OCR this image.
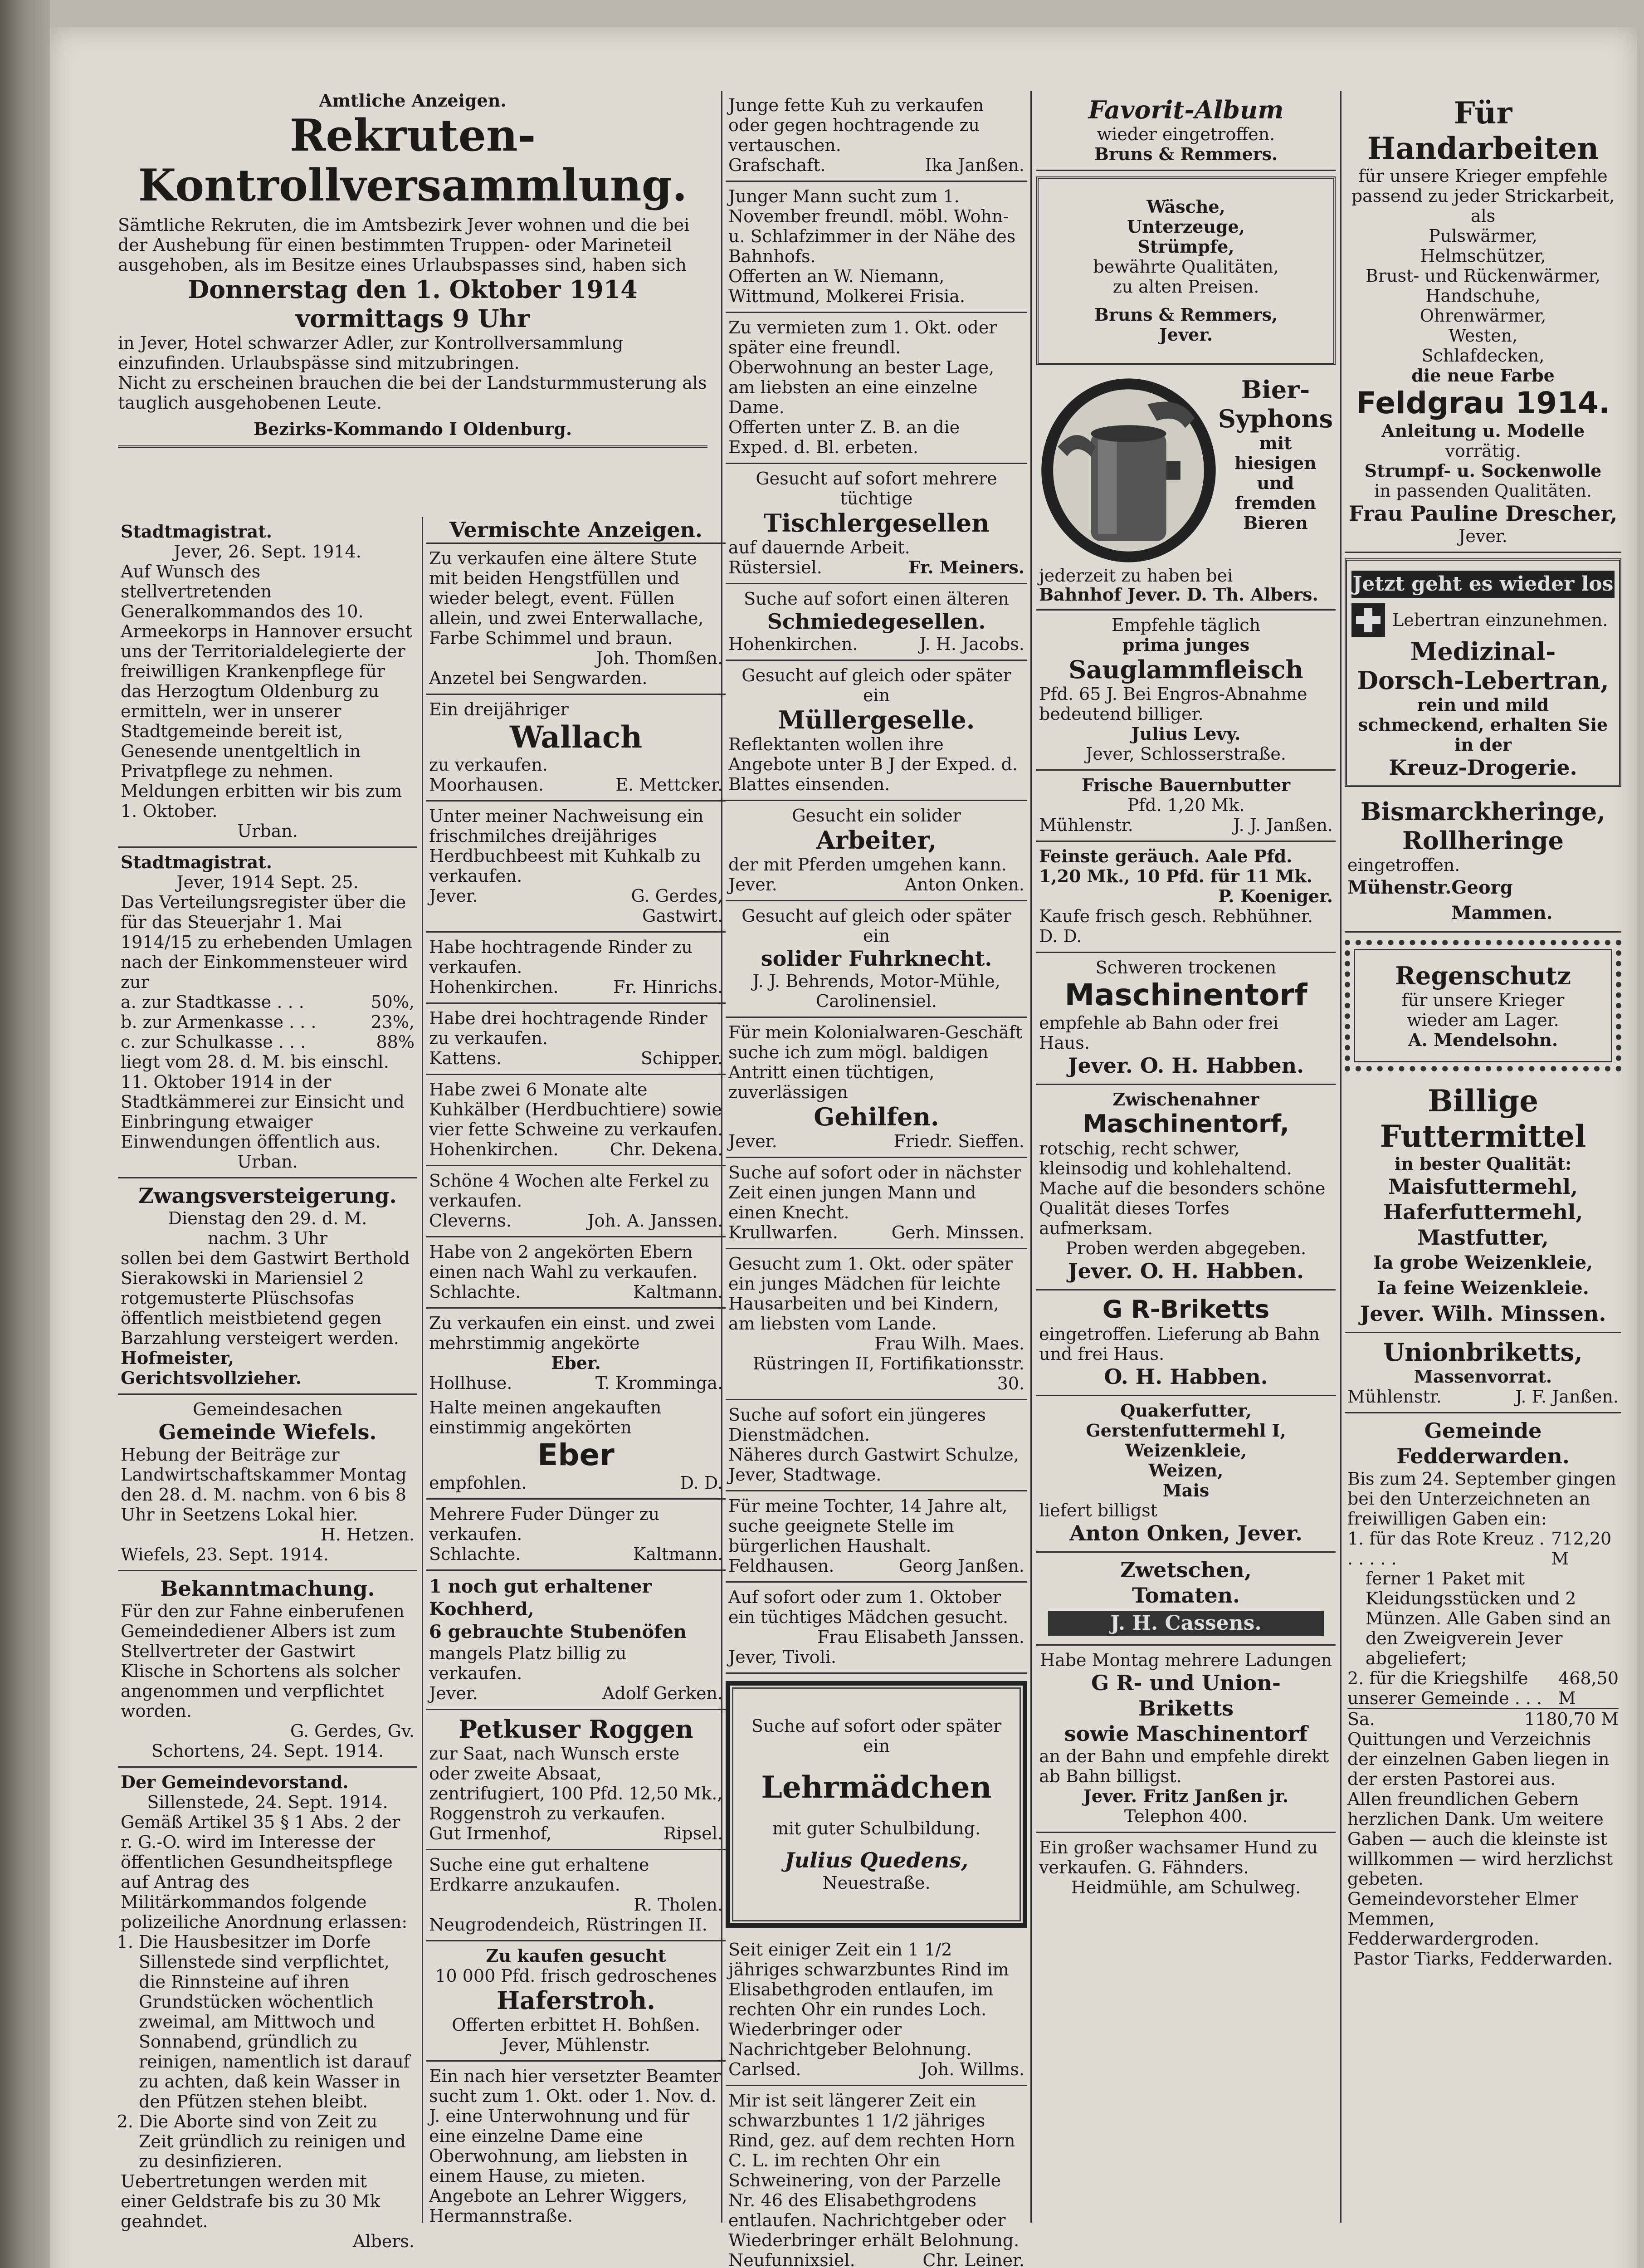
Amtliche Anzeigen.

Rekruten-

Kontrollversammlung.

Sämtliche Rekruten, die im Amtsbezirk Jever wohnen und die bei der Aushebung für einen bestimmten Truppen- oder Marineteil ausgehoben, als im Besitze eines Urlaubspasses sind, haben sich

Donnerstag den 1. Oktober 1914

vormittags 9 Uhr

in Jever, Hotel schwarzer Adler, zur Kontrollversammlung einzufinden. Urlaubspässe sind mitzubringen.

Nicht zu erscheinen brauchen die bei der Landsturmmusterung als tauglich ausgehobenen Leute.

Bezirks-Kommando I Oldenburg.

Stadtmagistrat.

Jever, 26. Sept. 1914.

Auf Wunsch des stellvertretenden Generalkommandos des 10. Armeekorps in Hannover ersucht uns der Territorialdelegierte der freiwilligen Krankenpflege für das Herzogtum Oldenburg zu ermitteln, wer in unserer Stadtgemeinde bereit ist, Genesende unentgeltlich in Privatpflege zu nehmen. Meldungen erbitten wir bis zum 1. Oktober.

Urban.

Stadtmagistrat.

Jever, 1914 Sept. 25.

Das Verteilungsregister über die für das Steuerjahr 1. Mai 1914/15 zu erhebenden Umlagen nach der Einkommensteuer wird zur

a. zur Stadtkasse . . .	50%,
b. zur Armenkasse . . .	23%,
c. zur Schulkasse . . .	88%

liegt vom 28. d. M. bis einschl. 11. Oktober 1914 in der Stadtkämmerei zur Einsicht und Einbringung etwaiger Einwendungen öffentlich aus.

Urban.

Zwangsversteigerung.

Dienstag den 29. d. M.

nachm. 3 Uhr

sollen bei dem Gastwirt Berthold Sierakowski in Mariensiel 2 rotgemusterte Plüschsofas öffentlich meistbietend gegen Barzahlung versteigert werden.

Hofmeister, Gerichtsvollzieher.

Gemeindesachen

Gemeinde Wiefels.

Hebung der Beiträge zur Landwirtschaftskammer Montag den 28. d. M. nachm. von 6 bis 8 Uhr in Seetzens Lokal hier.

H. Hetzen.

Wiefels, 23. Sept. 1914.

Bekanntmachung.

Für den zur Fahne einberufenen Gemeindediener Albers ist zum Stellvertreter der Gastwirt Klische in Schortens als solcher angenommen und verpflichtet worden.

G. Gerdes, Gv.

Schortens, 24. Sept. 1914.

Der Gemeindevorstand.

Sillenstede, 24. Sept. 1914.

Gemäß Artikel 35 § 1 Abs. 2 der r. G.-O. wird im Interesse der öffentlichen Gesundheitspflege auf Antrag des Militärkommandos folgende polizeiliche Anordnung erlassen:

1. Die Hausbesitzer im Dorfe Sillenstede sind verpflichtet, die Rinnsteine auf ihren Grundstücken wöchentlich zweimal, am Mittwoch und Sonnabend, gründlich zu reinigen, namentlich ist darauf zu achten, daß kein Wasser in den Pfützen stehen bleibt.
2. Die Aborte sind von Zeit zu Zeit gründlich zu reinigen und zu desinfizieren.

Uebertretungen werden mit einer Geldstrafe bis zu 30 Mk geahndet.

Albers.

Vermischte Anzeigen.

Zu verkaufen eine ältere Stute mit beiden Hengstfüllen und wieder belegt, event. Füllen allein, und zwei Enterwallache, Farbe Schimmel und braun.

Joh. Thomßen.

Anzetel bei Sengwarden.

Ein dreijähriger

Wallach

zu verkaufen.

Moorhausen.	E. Mettcker.

Unter meiner Nachweisung ein frischmilches dreijähriges Herdbuchbeest mit Kuhkalb zu verkaufen.

Jever.	G. Gerdes,

Gastwirt.

Habe hochtragende Rinder zu verkaufen.

Hohenkirchen.	Fr. Hinrichs.

Habe drei hochtragende Rinder zu verkaufen.

Kattens.	Schipper.

Habe zwei 6 Monate alte Kuhkälber (Herdbuchtiere) sowie vier fette Schweine zu verkaufen.

Hohenkirchen.	Chr. Dekena.

Schöne 4 Wochen alte Ferkel zu verkaufen.

Cleverns.	Joh. A. Janssen.

Habe von 2 angekörten Ebern einen nach Wahl zu verkaufen.

Schlachte.	Kaltmann.

Zu verkaufen ein einst. und zwei mehrstimmig angekörte

Eber.

Hollhuse.	T. Kromminga.

Halte meinen angekauften einstimmig angekörten

Eber

empfohlen.	D. D.

Mehrere Fuder Dünger zu verkaufen.

Schlachte.	Kaltmann.

1 noch gut erhaltener Kochherd,

6 gebrauchte Stubenöfen

mangels Platz billig zu verkaufen.

Jever.	Adolf Gerken.

Petkuser Roggen

zur Saat, nach Wunsch erste oder zweite Absaat, zentrifugiert, 100 Pfd. 12,50 Mk., Roggenstroh zu verkaufen.

Gut Irmenhof,	Ripsel.

Suche eine gut erhaltene Erdkarre anzukaufen.

R. Tholen.

Neugrodendeich, Rüstringen II.

Zu kaufen gesucht

10 000 Pfd. frisch gedroschenes

Haferstroh.

Offerten erbittet H. Bohßen.

Jever, Mühlenstr.

Ein nach hier versetzter Beamter sucht zum 1. Okt. oder 1. Nov. d. J. eine Unterwohnung und für eine einzelne Dame eine Oberwohnung, am liebsten in einem Hause, zu mieten.

Angebote an Lehrer Wiggers, Hermannstraße.

Junge fette Kuh zu verkaufen oder gegen hochtragende zu vertauschen.

Grafschaft.	Ika Janßen.

Junger Mann sucht zum 1. November freundl. möbl. Wohn- u. Schlafzimmer in der Nähe des Bahnhofs.

Offerten an W. Niemann, Wittmund, Molkerei Frisia.

Zu vermieten zum 1. Okt. oder später eine freundl. Oberwohnung an bester Lage, am liebsten an eine einzelne Dame.

Offerten unter Z. B. an die Exped. d. Bl. erbeten.

Gesucht auf sofort mehrere tüchtige

Tischlergesellen

auf dauernde Arbeit.

Rüstersiel.	Fr. Meiners.

Suche auf sofort einen älteren

Schmiedegesellen.

Hohenkirchen.	J. H. Jacobs.

Gesucht auf gleich oder später ein

Müllergeselle.

Reflektanten wollen ihre Angebote unter B J der Exped. d. Blattes einsenden.

Gesucht ein solider

Arbeiter,

der mit Pferden umgehen kann.

Jever.	Anton Onken.

Gesucht auf gleich oder später ein

solider Fuhrknecht.

J. J. Behrends, Motor-Mühle,

Carolinensiel.

Für mein Kolonialwaren-Geschäft suche ich zum mögl. baldigen Antritt einen tüchtigen, zuverlässigen

Gehilfen.

Jever.	Friedr. Sieffen.

Suche auf sofort oder in nächster Zeit einen jungen Mann und einen Knecht.

Krullwarfen.	Gerh. Minssen.

Gesucht zum 1. Okt. oder später ein junges Mädchen für leichte Hausarbeiten und bei Kindern, am liebsten vom Lande.

Frau Wilh. Maes.

Rüstringen II, Fortifikationsstr. 30.

Suche auf sofort ein jüngeres Dienstmädchen.

Näheres durch Gastwirt Schulze, Jever, Stadtwage.

Für meine Tochter, 14 Jahre alt, suche geeignete Stelle im bürgerlichen Haushalt.

Feldhausen.	Georg Janßen.

Auf sofort oder zum 1. Oktober ein tüchtiges Mädchen gesucht.

Frau Elisabeth Janssen.

Jever, Tivoli.

Suche auf sofort oder später ein

Lehrmädchen

mit guter Schulbildung.

Julius Quedens,

Neuestraße.

Seit einiger Zeit ein 1 1/2 jähriges schwarzbuntes Rind im Elisabethgroden entlaufen, im rechten Ohr ein rundes Loch. Wiederbringer oder Nachrichtgeber Belohnung.

Carlsed.	Joh. Willms.

Mir ist seit längerer Zeit ein schwarzbuntes 1 1/2 jähriges Rind, gez. auf dem rechten Horn C. L. im rechten Ohr ein Schweinering, von der Parzelle Nr. 46 des Elisabethgrodens entlaufen. Nachrichtgeber oder Wiederbringer erhält Belohnung.

Neufunnixsiel.	Chr. Leiner.

Favorit-Album

wieder eingetroffen.

Bruns & Remmers.

Wäsche,

Unterzeuge,

Strümpfe,

bewährte Qualitäten,

zu alten Preisen.

Bruns & Remmers,

Jever.

Bier-

Syphons

mit

hiesigen

und

fremden

Bieren

jederzeit zu haben bei

Bahnhof Jever. D. Th. Albers.

Empfehle täglich

prima junges

Sauglammfleisch

Pfd. 65 J. Bei Engros-Abnahme bedeutend billiger.

Julius Levy.

Jever, Schlosserstraße.

Frische Bauernbutter

Pfd. 1,20 Mk.

Mühlenstr.	J. J. Janßen.

Feinste geräuch. Aale Pfd. 1,20 Mk., 10 Pfd. für 11 Mk.

P. Koeniger.

Kaufe frisch gesch. Rebhühner. D. D.

Schweren trockenen

Maschinentorf

empfehle ab Bahn oder frei Haus.

Jever. O. H. Habben.

Zwischenahner

Maschinentorf,

rotschig, recht schwer, kleinsodig und kohlehaltend.

Mache auf die besonders schöne Qualität dieses Torfes aufmerksam.

Proben werden abgegeben.

Jever. O. H. Habben.

G R-Briketts

eingetroffen. Lieferung ab Bahn und frei Haus.

O. H. Habben.

Quakerfutter,

Gerstenfuttermehl I,

Weizenkleie,

Weizen,

Mais

liefert billigst

Anton Onken, Jever.

Zwetschen,

Tomaten.

J. H. Cassens.

Habe Montag mehrere Ladungen

G R- und Union-

Briketts

sowie Maschinentorf

an der Bahn und empfehle direkt ab Bahn billigst.

Jever. Fritz Janßen jr.

Telephon 400.

Ein großer wachsamer Hund zu verkaufen. G. Fähnders.

Heidmühle, am Schulweg.

Für

Handarbeiten

für unsere Krieger empfehle passend zu jeder Strickarbeit, als

Pulswärmer,

Helmschützer,

Brust- und Rückenwärmer,

Handschuhe,

Ohrenwärmer,

Westen,

Schlafdecken,

die neue Farbe

Feldgrau 1914.

Anleitung u. Modelle

vorrätig.

Strumpf- u. Sockenwolle

in passenden Qualitäten.

Frau Pauline Drescher,

Jever.

Jetzt geht es wieder los
Lebertran einzunehmen.

Medizinal-

Dorsch-Lebertran,

rein und mild schmeckend, erhalten Sie in der

Kreuz-Drogerie.

Bismarckheringe,

Rollheringe

eingetroffen.

Mühenstr. Georg Mammen.

Regenschutz

für unsere Krieger

wieder am Lager.

A. Mendelsohn.

Billige

Futtermittel

in bester Qualität:

Maisfuttermehl,

Haferfuttermehl,

Mastfutter,

Ia grobe Weizenkleie,

Ia feine Weizenkleie.

Jever. Wilh. Minssen.

Unionbriketts,

Massenvorrat.

Mühlenstr.	J. F. Janßen.

Gemeinde Fedderwarden.

Bis zum 24. September gingen bei den Unterzeichneten an freiwilligen Gaben ein:

1. für das Rote Kreuz . . . . . .
712,20 M

ferner 1 Paket mit Kleidungsstücken und 2 Münzen. Alle Gaben sind an den Zweigverein Jever abgeliefert;

2. für die Kriegshilfe unserer Gemeinde . . .
468,50 M
Sa.	1180,70 M

Quittungen und Verzeichnis der einzelnen Gaben liegen in der ersten Pastorei aus.

Allen freundlichen Gebern herzlichen Dank. Um weitere Gaben — auch die kleinste ist willkommen — wird herzlichst gebeten.

Gemeindevorsteher Elmer Memmen, Fedderwardergroden.

Pastor Tiarks, Fedderwarden.
